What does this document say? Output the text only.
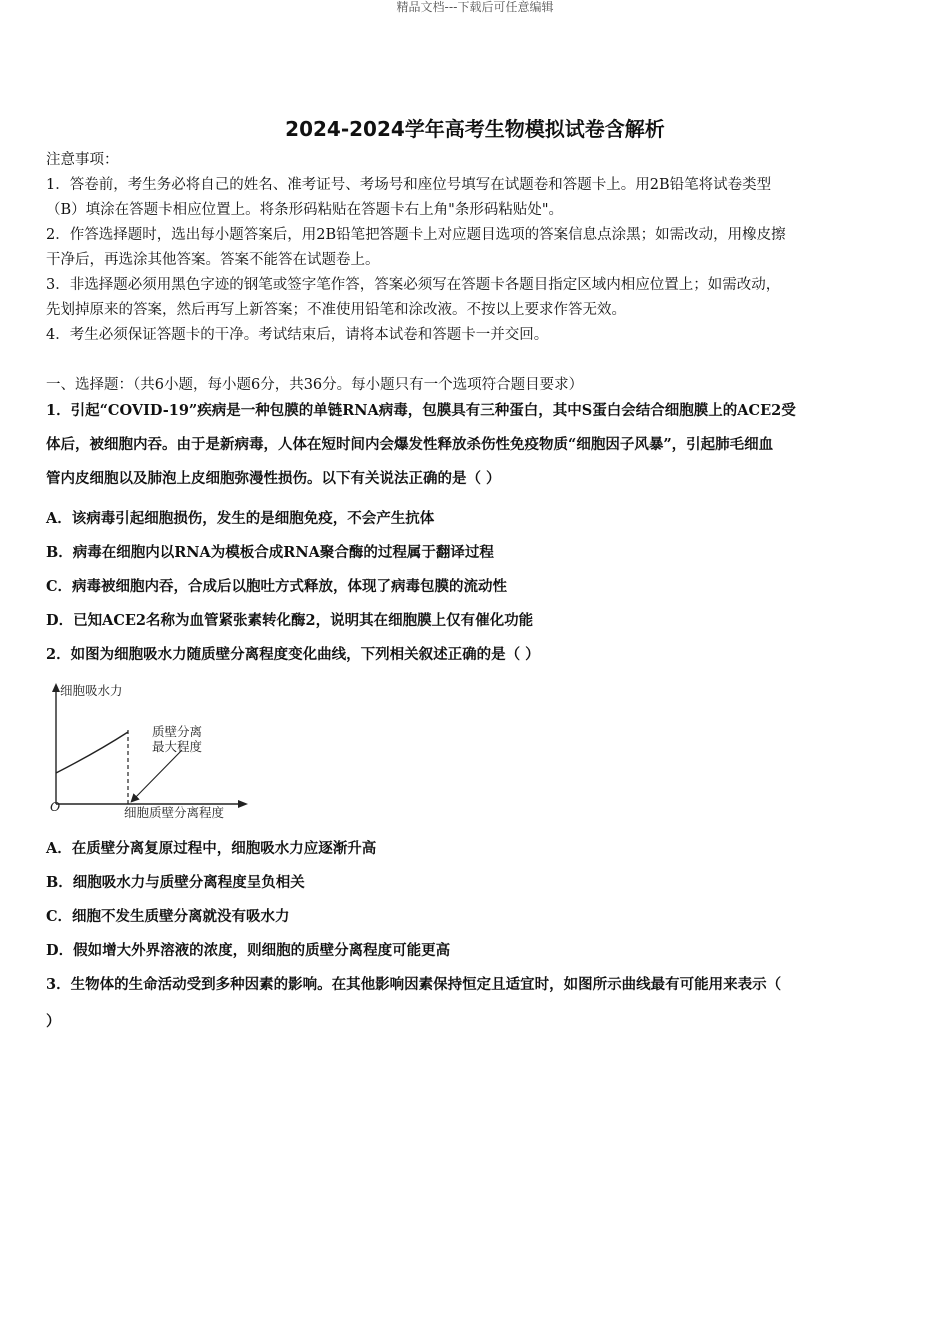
精品文档---下载后可任意编辑
2024-2024学年高考生物模拟试卷含解析

注意事项：

1．答卷前，考生务必将自己的姓名、准考证号、考场号和座位号填写在试题卷和答题卡上。用2B铅笔将试卷类型

（B）填涂在答题卡相应位置上。将条形码粘贴在答题卡右上角"条形码粘贴处"。

2．作答选择题时，选出每小题答案后，用2B铅笔把答题卡上对应题目选项的答案信息点涂黑；如需改动，用橡皮擦

干净后，再选涂其他答案。答案不能答在试题卷上。

3．非选择题必须用黑色字迹的钢笔或签字笔作答，答案必须写在答题卡各题目指定区域内相应位置上；如需改动，

先划掉原来的答案，然后再写上新答案；不准使用铅笔和涂改液。不按以上要求作答无效。

4．考生必须保证答题卡的干净。考试结束后，请将本试卷和答题卡一并交回。

一、选择题：（共6小题，每小题6分，共36分。每小题只有一个选项符合题目要求）

1．引起“COVID-19”疾病是一种包膜的单链RNA病毒，包膜具有三种蛋白，其中S蛋白会结合细胞膜上的ACE2受

体后，被细胞内吞。由于是新病毒，人体在短时间内会爆发性释放杀伤性免疫物质“细胞因子风暴”，引起肺毛细血

管内皮细胞以及肺泡上皮细胞弥漫性损伤。以下有关说法正确的是（ ）

A．该病毒引起细胞损伤，发生的是细胞免疫，不会产生抗体
B．病毒在细胞内以RNA为模板合成RNA聚合酶的过程属于翻译过程
C．病毒被细胞内吞，合成后以胞吐方式释放，体现了病毒包膜的流动性
D．已知ACE2名称为血管紧张素转化酶2，说明其在细胞膜上仅有催化功能
2．如图为细胞吸水力随质壁分离程度变化曲线，下列相关叙述正确的是（ ）
细胞吸水力
质壁分离
最大程度
O	细胞质壁分离程度
A．在质壁分离复原过程中，细胞吸水力应逐渐升高
B．细胞吸水力与质壁分离程度呈负相关
C．细胞不发生质壁分离就没有吸水力
D．假如增大外界溶液的浓度，则细胞的质壁分离程度可能更高
3．生物体的生命活动受到多种因素的影响。在其他影响因素保持恒定且适宜时，如图所示曲线最有可能用来表示（
）
